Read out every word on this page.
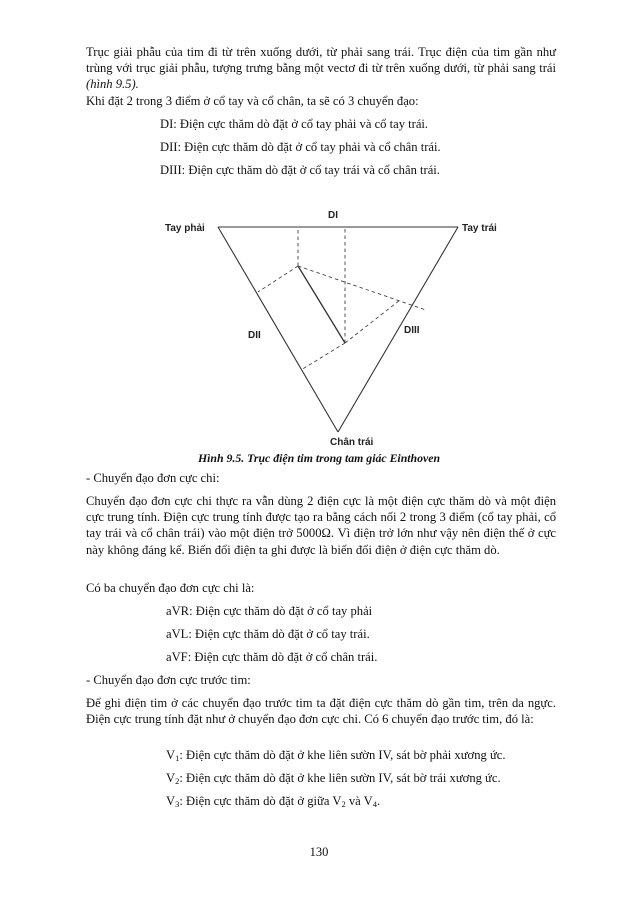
Trục giải phẫu của tim đi từ trên xuống dưới, từ phải sang trái. Trục điện của tim gần như trùng với trục giải phẫu, tượng trưng bằng một vectơ đi từ trên xuống dưới, từ phải sang trái (hình 9.5).

Khi đặt 2 trong 3 điểm ở cổ tay và cổ chân, ta sẽ có 3 chuyển đạo:

DI: Điện cực thăm dò đặt ở cổ tay phải và cổ tay trái.

DII: Điện cực thăm dò đặt ở cổ tay phải và cổ chân trái.

DIII: Điện cực thăm dò đặt ở cổ tay trái và cổ chân trái.

Tay phải	Tay trái
DI
DII	DIII
Chân trái

Hình 9.5. Trục điện tim trong tam giác Einthoven

- Chuyển đạo đơn cực chi:

Chuyển đạo đơn cực chi thực ra vẫn dùng 2 điện cực là một điện cực thăm dò và một điện cực trung tính. Điện cực trung tính được tạo ra bằng cách nối 2 trong 3 điểm (cổ tay phải, cổ tay trái và cổ chân trái) vào một điện trở 5000Ω. Vì điện trở lớn như vậy nên điện thế ở cực này không đáng kể. Biến đổi điện ta ghi được là biến đổi điện ở điện cực thăm dò.

Có ba chuyển đạo đơn cực chi là:

aVR: Điện cực thăm dò đặt ở cổ tay phải

aVL: Điện cực thăm dò đặt ở cổ tay trái.

aVF: Điện cực thăm dò đặt ở cổ chân trái.

- Chuyển đạo đơn cực trước tim:

Để ghi điện tim ở các chuyển đạo trước tim ta đặt điện cực thăm dò gần tim, trên da ngực. Điện cực trung tính đặt như ở chuyển đạo đơn cực chi. Có 6 chuyển đạo trước tim, đó là:

$V_1$: Điện cực thăm dò đặt ở khe liên sườn IV, sát bờ phải xương ức.

$V_2$: Điện cực thăm dò đặt ở khe liên sườn IV, sát bờ trái xương ức.

$V_3$: Điện cực thăm dò đặt ở giữa $V_2$ và $V_4$.

130
